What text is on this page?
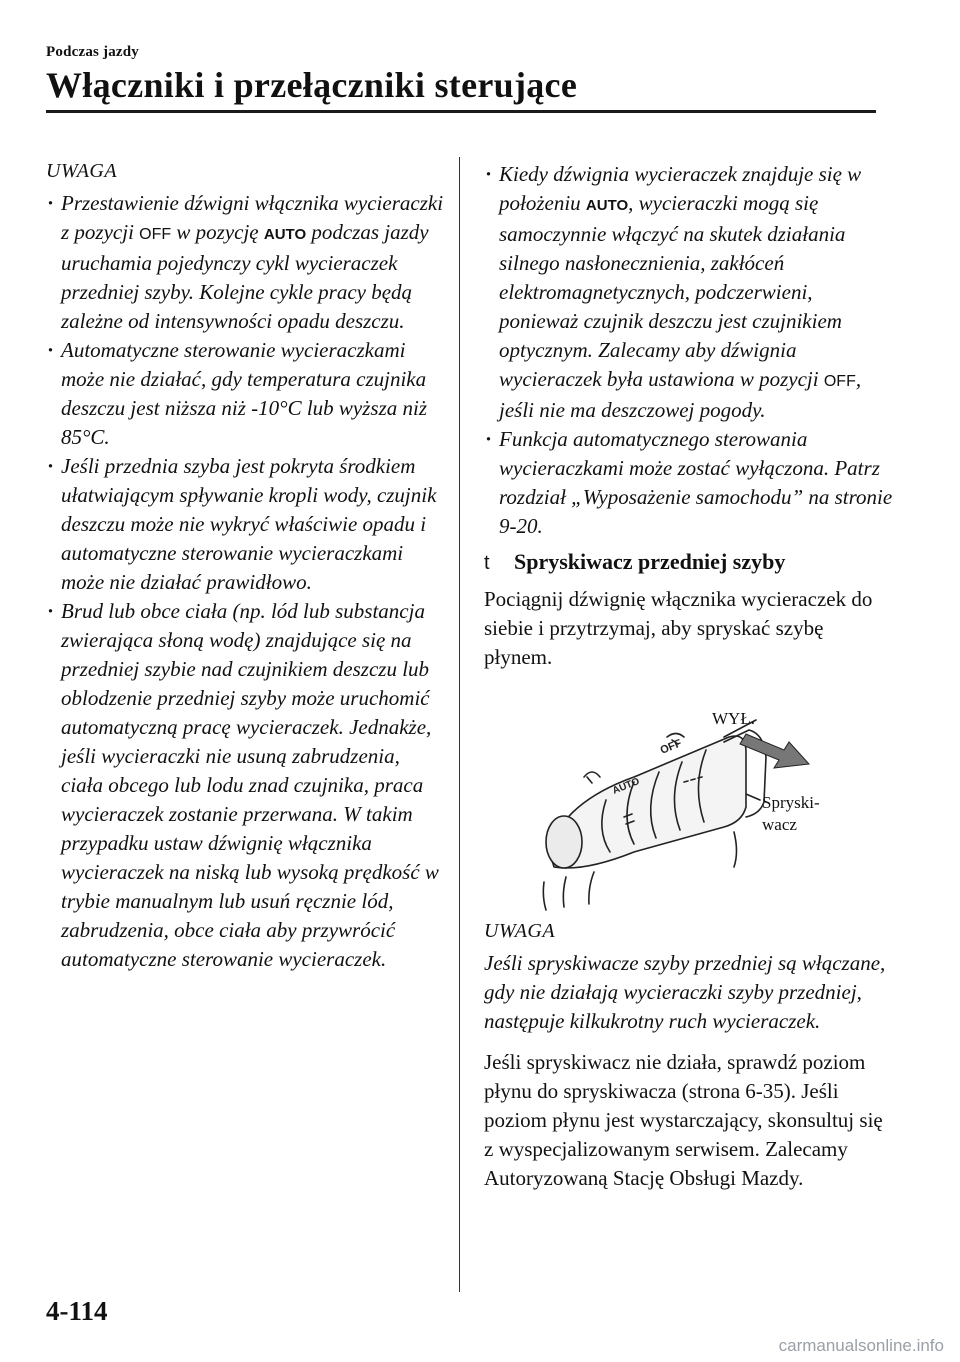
Podczas jazdy
Włączniki i przełączniki sterujące
UWAGA
· Przestawienie dźwigni włącznika wycieraczki z pozycji OFF w pozycję AUTO podczas jazdy uruchamia pojedynczy cykl wycieraczek przedniej szyby. Kolejne cykle pracy będą zależne od intensywności opadu deszczu.
· Automatyczne sterowanie wycieraczkami może nie działać, gdy temperatura czujnika deszczu jest niższa niż -10°C lub wyższa niż 85°C.
· Jeśli przednia szyba jest pokryta środkiem ułatwiającym spływanie kropli wody, czujnik deszczu może nie wykryć właściwie opadu i automatyczne sterowanie wycieraczkami może nie działać prawidłowo.
· Brud lub obce ciała (np. lód lub substancja zwierająca słoną wodę) znajdujące się na przedniej szybie nad czujnikiem deszczu lub oblodzenie przedniej szyby może uruchomić automatyczną pracę wycieraczek. Jednakże, jeśli wycieraczki nie usuną zabrudzenia, ciała obcego lub lodu znad czujnika, praca wycieraczek zostanie przerwana. W takim przypadku ustaw dźwignię włącznika wycieraczek na niską lub wysoką prędkość w trybie manualnym lub usuń ręcznie lód, zabrudzenia, obce ciała aby przywrócić automatyczne sterowanie wycieraczek.
· Kiedy dźwignia wycieraczek znajduje się w położeniu AUTO, wycieraczki mogą się samoczynnie włączyć na skutek działania silnego nasłonecznienia, zakłóceń elektromagnetycznych, podczerwieni, ponieważ czujnik deszczu jest czujnikiem optycznym. Zalecamy aby dźwignia wycieraczek była ustawiona w pozycji OFF, jeśli nie ma deszczowej pogody.
· Funkcja automatycznego sterowania wycieraczkami może zostać wyłączona. Patrz rozdział „Wyposażenie samochodu” na stronie 9-20.
t	Spryskiwacz przedniej szyby

Pociągnij dźwignię włącznika wycieraczek do siebie i przytrzymaj, aby spryskać szybę płynem.

OFF
AUTO
WYŁ.
Spryski-
wacz
UWAGA

Jeśli spryskiwacze szyby przedniej są włączane, gdy nie działają wycieraczki szyby przedniej, następuje kilkukrotny ruch wycieraczek.

Jeśli spryskiwacz nie działa, sprawdź poziom płynu do spryskiwacza (strona 6-35). Jeśli poziom płynu jest wystarczający, skonsultuj się z wyspecjalizowanym serwisem. Zalecamy Autoryzowaną Stację Obsługi Mazdy.

4-114
carmanualsonline.info
